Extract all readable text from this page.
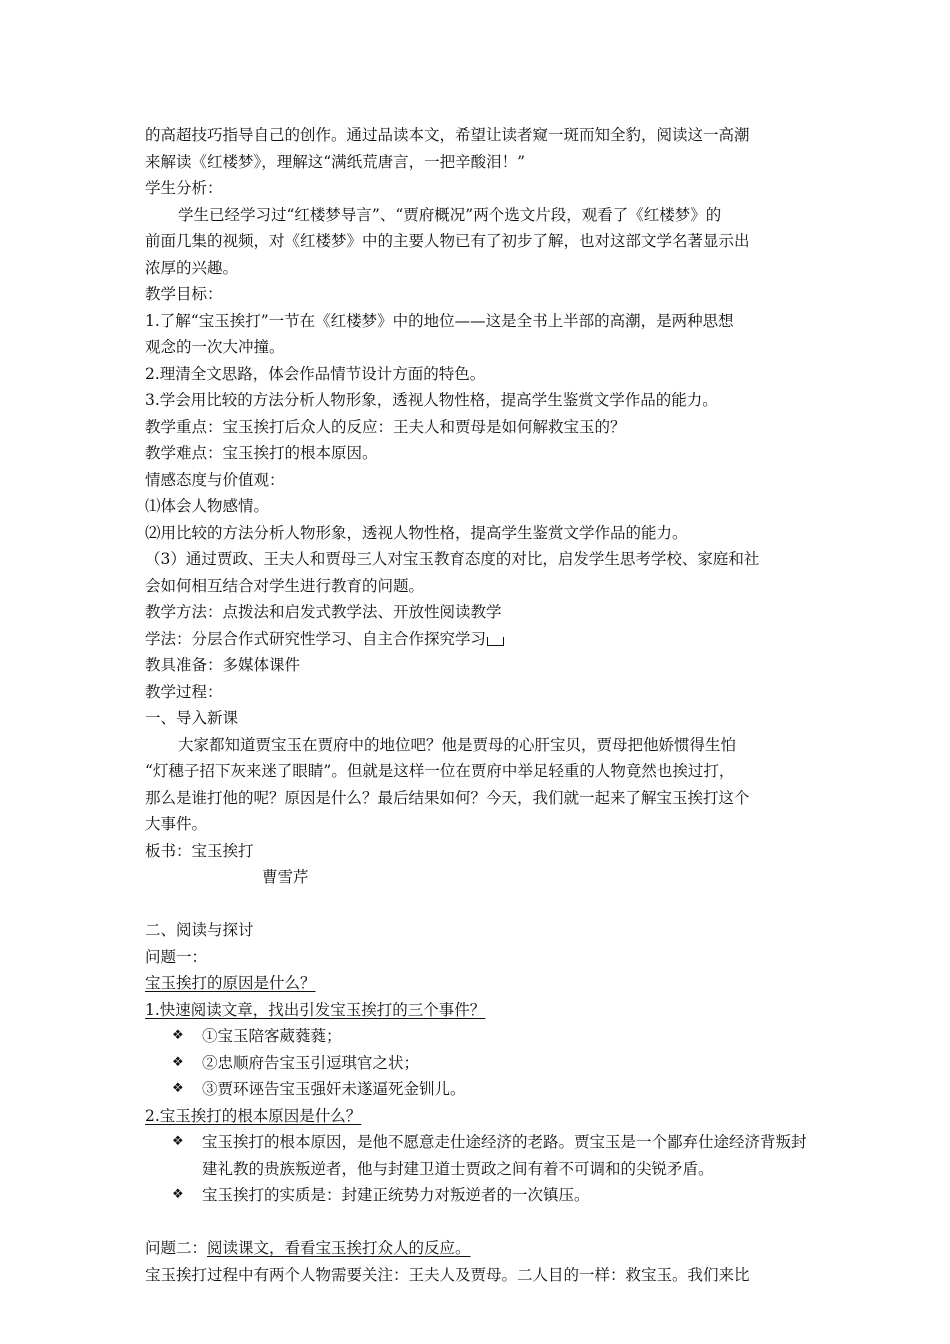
的高超技巧指导自己的创作。通过品读本文，希望让读者窥一斑而知全豹，阅读这一高潮
来解读《红楼梦》，理解这“满纸荒唐言，一把辛酸泪！”
学生分析：
学生已经学习过“红楼梦导言”、“贾府概况”两个选文片段，观看了《红楼梦》的
前面几集的视频，对《红楼梦》中的主要人物已有了初步了解，也对这部文学名著显示出
浓厚的兴趣。
教学目标：
1.了解“宝玉挨打”一节在《红楼梦》中的地位——这是全书上半部的高潮，是两种思想
观念的一次大冲撞。
2.理清全文思路，体会作品情节设计方面的特色。
3.学会用比较的方法分析人物形象，透视人物性格，提高学生鉴赏文学作品的能力。
教学重点：宝玉挨打后众人的反应：王夫人和贾母是如何解救宝玉的？
教学难点：宝玉挨打的根本原因。
情感态度与价值观：
⑴体会人物感情。
⑵用比较的方法分析人物形象，透视人物性格，提高学生鉴赏文学作品的能力。
（3）通过贾政、王夫人和贾母三人对宝玉教育态度的对比，启发学生思考学校、家庭和社
会如何相互结合对学生进行教育的问题。
教学方法：点拨法和启发式教学法、开放性阅读教学
学法：分层合作式研究性学习、自主合作探究学习
教具准备：多媒体课件
教学过程：
一、导入新课
大家都知道贾宝玉在贾府中的地位吧？他是贾母的心肝宝贝，贾母把他娇惯得生怕
“灯穗子招下灰来迷了眼睛”。但就是这样一位在贾府中举足轻重的人物竟然也挨过打，
那么是谁打他的呢？原因是什么？最后结果如何？今天，我们就一起来了解宝玉挨打这个
大事件。
板书：宝玉挨打
曹雪芹
二、阅读与探讨
问题一：
宝玉挨打的原因是什么？
1.快速阅读文章，找出引发宝玉挨打的三个事件？
❖	①宝玉陪客葳蕤蕤；
❖	②忠顺府告宝玉引逗琪官之状；
❖	③贾环诬告宝玉强奸未遂逼死金钏儿。
2.宝玉挨打的根本原因是什么？
❖	宝玉挨打的根本原因，是他不愿意走仕途经济的老路。贾宝玉是一个鄙弃仕途经济背叛封建礼教的贵族叛逆者，他与封建卫道士贾政之间有着不可调和的尖锐矛盾。
❖	宝玉挨打的实质是：封建正统势力对叛逆者的一次镇压。
问题二：阅读课文，看看宝玉挨打众人的反应。
宝玉挨打过程中有两个人物需要关注：王夫人及贾母。二人目的一样：救宝玉。我们来比
